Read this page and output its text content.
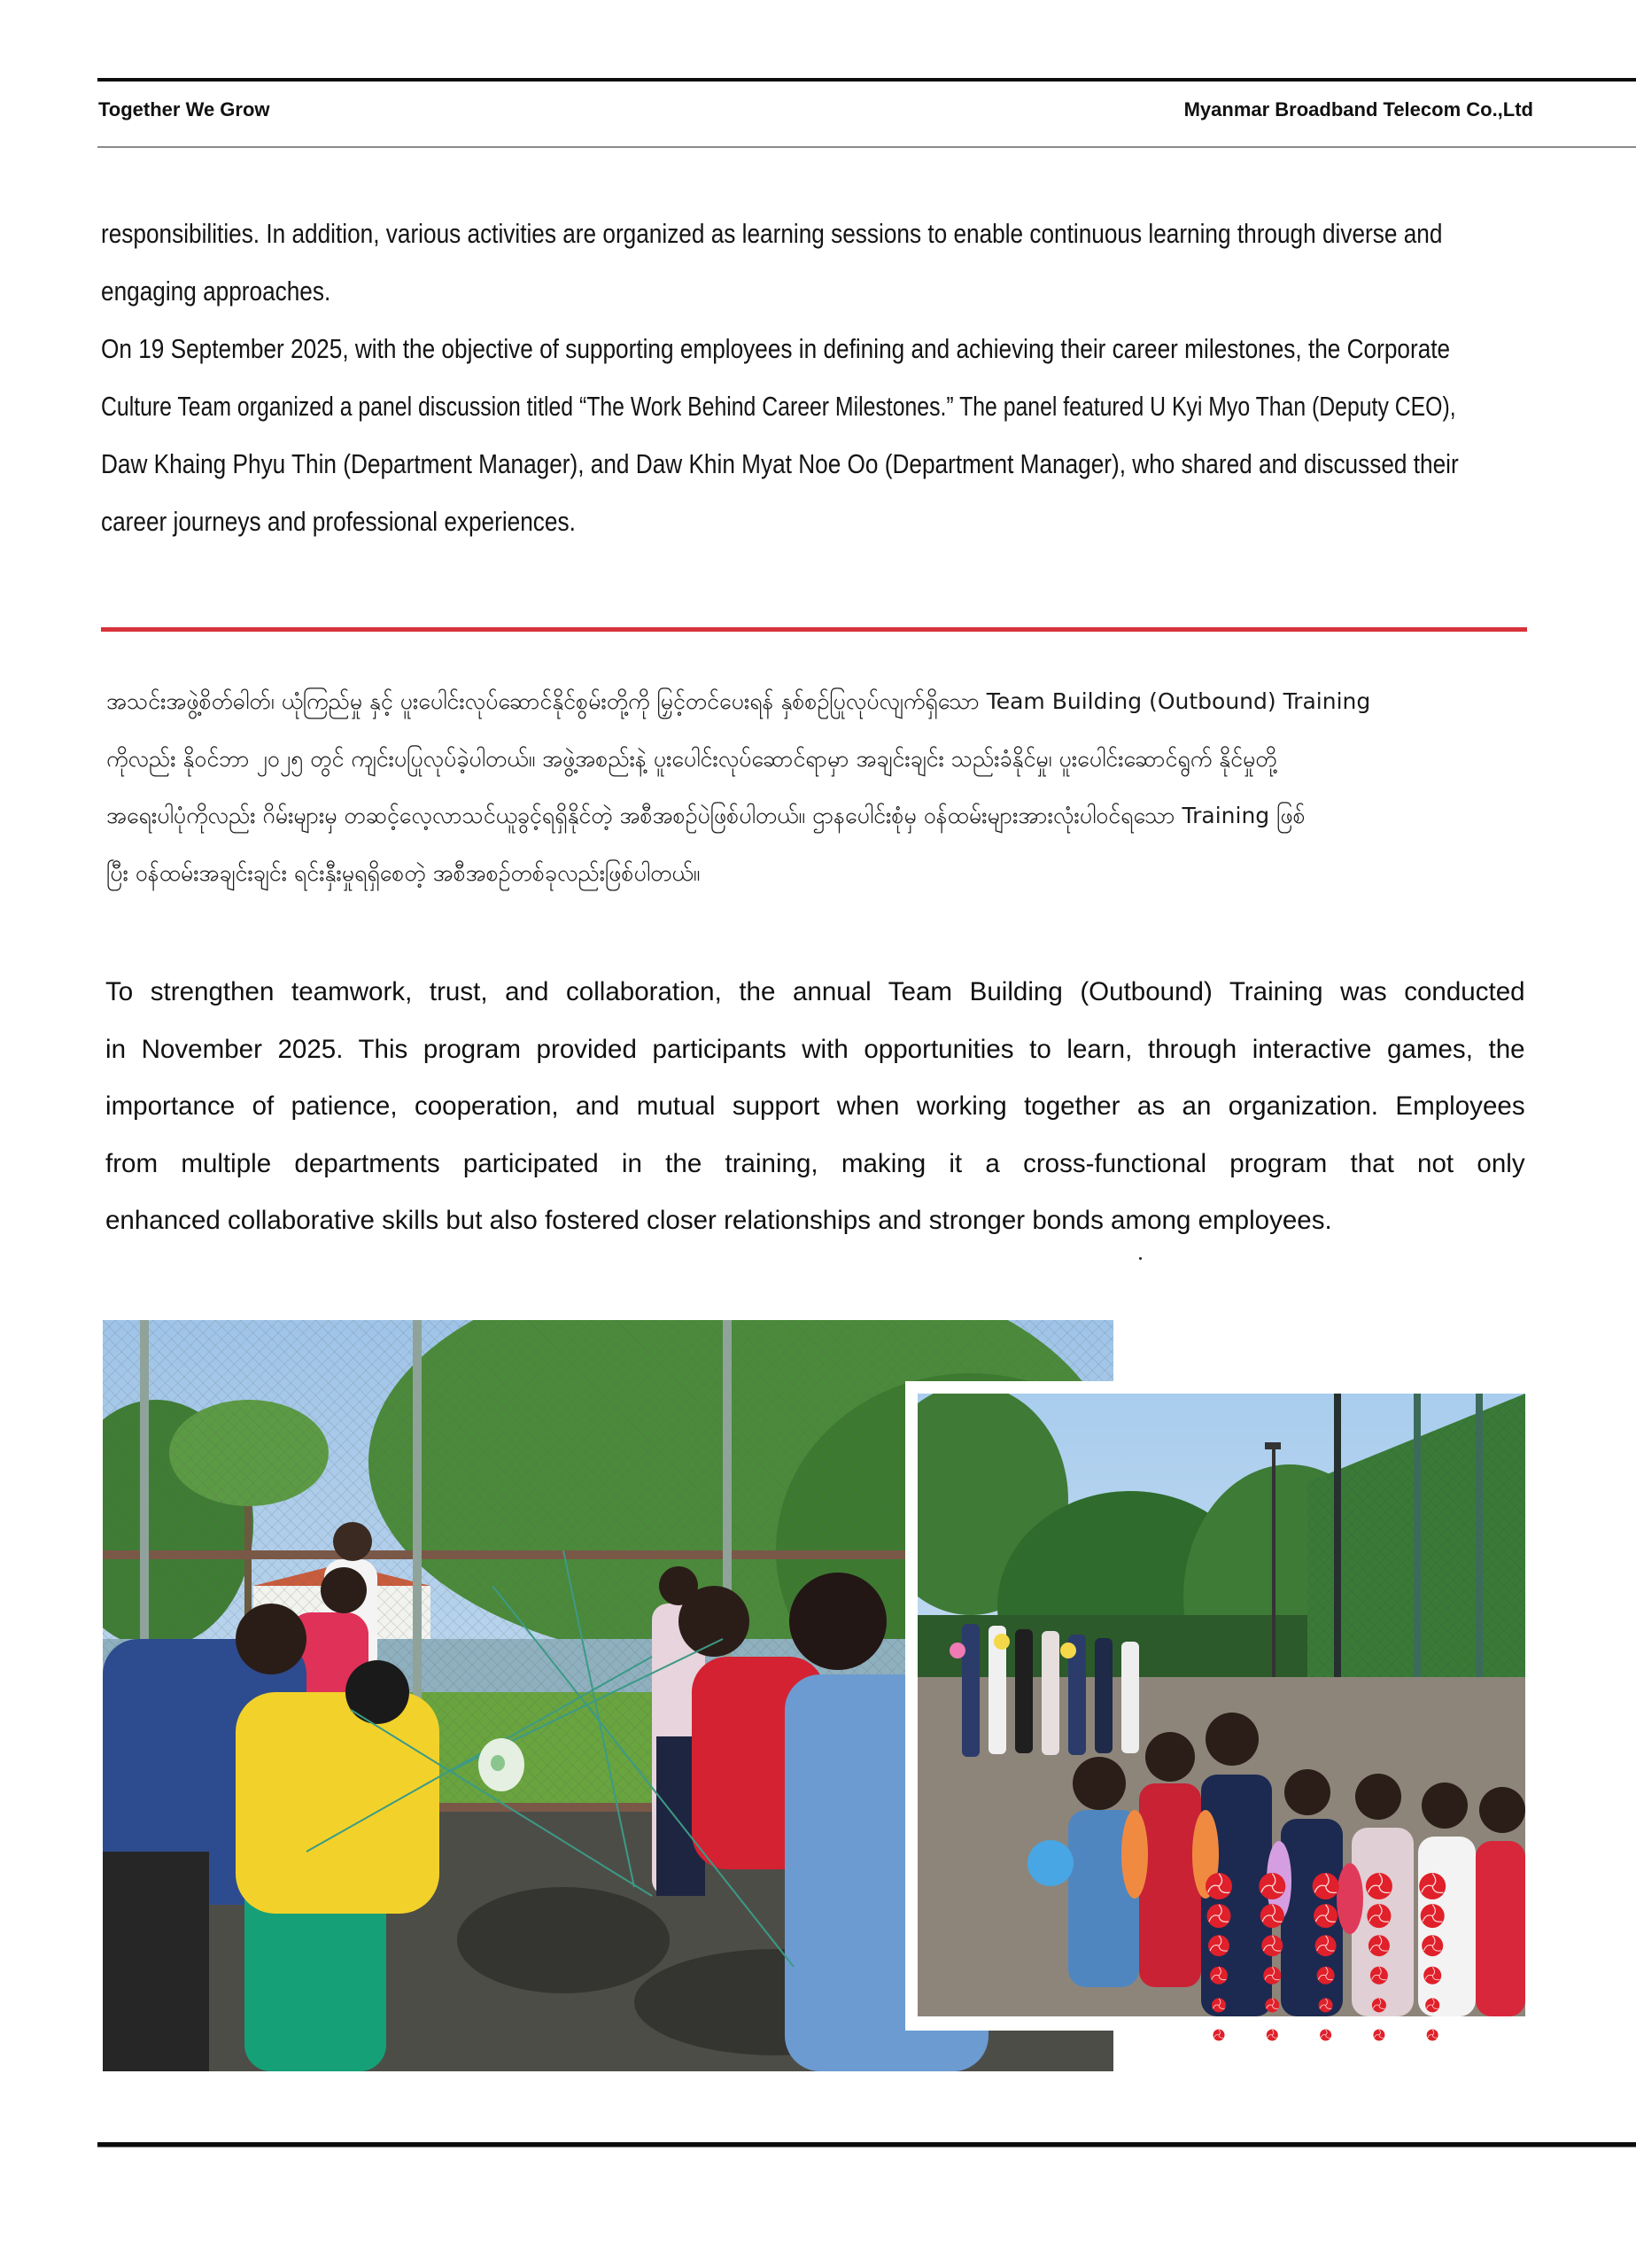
Together We Grow	Myanmar Broadband Telecom Co.,Ltd
responsibilities. In addition, various activities are organized as learning sessions to enable continuous learning through diverse and
engaging approaches.
On 19 September 2025, with the objective of supporting employees in defining and achieving their career milestones, the Corporate
Culture Team organized a panel discussion titled “The Work Behind Career Milestones.” The panel featured U Kyi Myo Than (Deputy CEO),
Daw Khaing Phyu Thin (Department Manager), and Daw Khin Myat Noe Oo (Department Manager), who shared and discussed their
career journeys and professional experiences.
အသင်းအဖွဲ့စိတ်ဓါတ်၊ ယုံကြည်မှု နှင့် ပူးပေါင်းလုပ်ဆောင်နိုင်စွမ်းတို့ကို မြှင့်တင်ပေးရန် နှစ်စဉ်ပြုလုပ်လျက်ရှိသော Team Building (Outbound) Training
ကိုလည်း နိုဝင်ဘာ ၂၀၂၅ တွင် ကျင်းပပြုလုပ်ခဲ့ပါတယ်။ အဖွဲ့အစည်းနဲ့ ပူးပေါင်းလုပ်ဆောင်ရာမှာ အချင်းချင်း သည်းခံနိုင်မှု၊ ပူးပေါင်းဆောင်ရွက် နိုင်မှုတို့
အရေးပါပုံကိုလည်း ဂိမ်းများမှ တဆင့်လေ့လာသင်ယူခွင့်ရရှိနိုင်တဲ့ အစီအစဉ်ပဲဖြစ်ပါတယ်။ ဌာနပေါင်းစုံမှ ဝန်ထမ်းများအားလုံးပါဝင်ရသော Training ဖြစ်
ပြီး ဝန်ထမ်းအချင်းချင်း ရင်းနှီးမှုရရှိစေတဲ့ အစီအစဉ်တစ်ခုလည်းဖြစ်ပါတယ်။
To strengthen teamwork, trust, and collaboration, the annual Team Building (Outbound) Training was conducted
in November 2025. This program provided participants with opportunities to learn, through interactive games, the
importance of patience, cooperation, and mutual support when working together as an organization. Employees
from multiple departments participated in the training, making it a cross-functional program that not only
enhanced collaborative skills but also fostered closer relationships and stronger bonds among employees.
